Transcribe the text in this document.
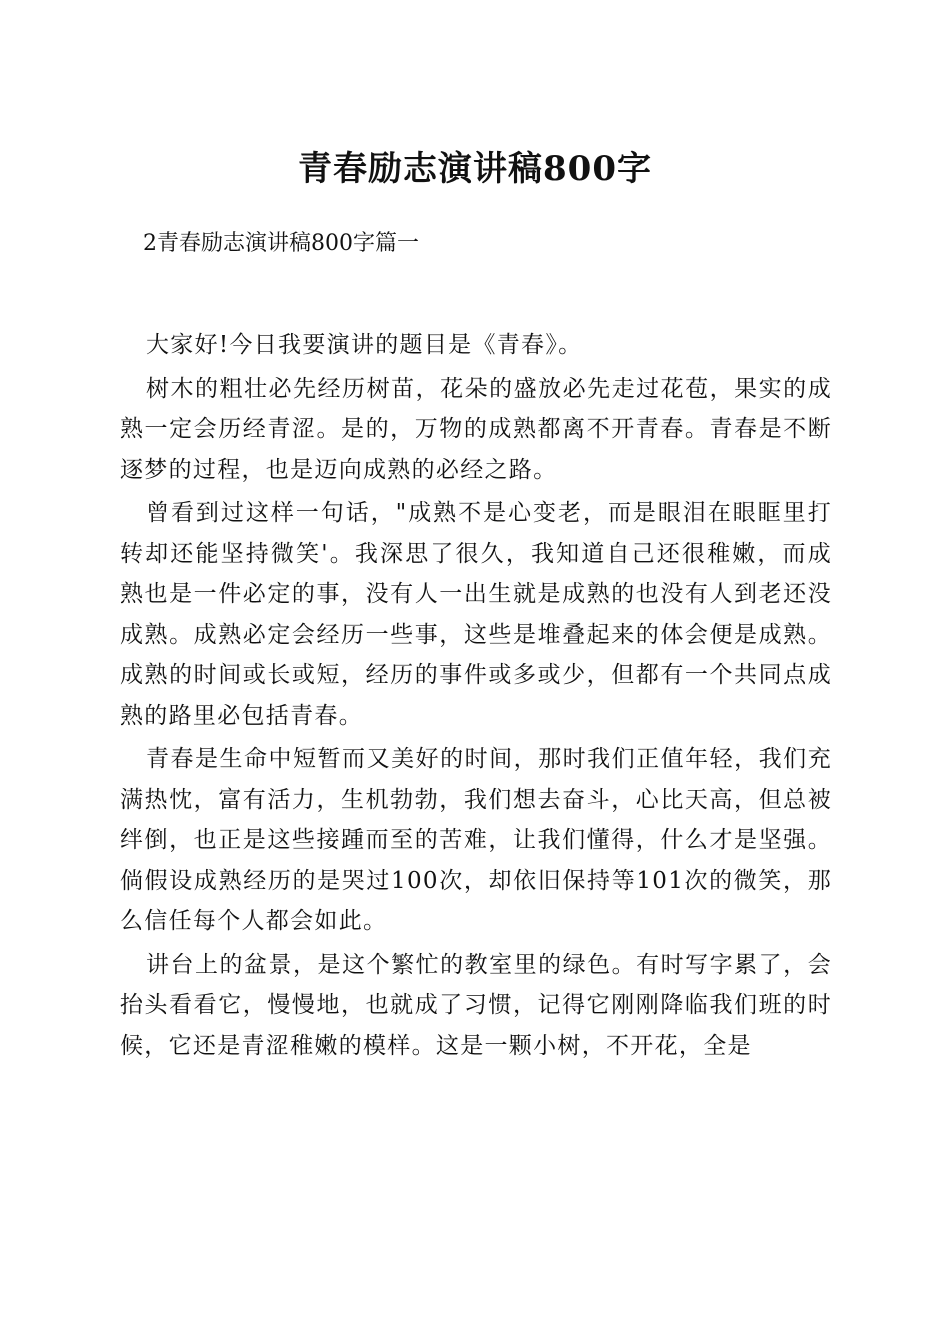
青春励志演讲稿800字

2青春励志演讲稿800字篇一

大家好!今日我要演讲的题目是《青春》。

树木的粗壮必先经历树苗，花朵的盛放必先走过花苞，果实的成熟一定会历经青涩。是的，万物的成熟都离不开青春。青春是不断逐梦的过程，也是迈向成熟的必经之路。

曾看到过这样一句话，"成熟不是心变老，而是眼泪在眼眶里打转却还能坚持微笑'。我深思了很久，我知道自己还很稚嫩，而成熟也是一件必定的事，没有人一出生就是成熟的也没有人到老还没成熟。成熟必定会经历一些事，这些是堆叠起来的体会便是成熟。成熟的时间或长或短，经历的事件或多或少，但都有一个共同点成熟的路里必包括青春。

青春是生命中短暂而又美好的时间，那时我们正值年轻，我们充满热忱，富有活力，生机勃勃，我们想去奋斗，心比天高，但总被绊倒，也正是这些接踵而至的苦难，让我们懂得，什么才是坚强。倘假设成熟经历的是哭过100次，却依旧保持等101次的微笑，那么信任每个人都会如此。

讲台上的盆景，是这个繁忙的教室里的绿色。有时写字累了，会抬头看看它，慢慢地，也就成了习惯，记得它刚刚降临我们班的时候，它还是青涩稚嫩的模样。这是一颗小树，不开花，全是
